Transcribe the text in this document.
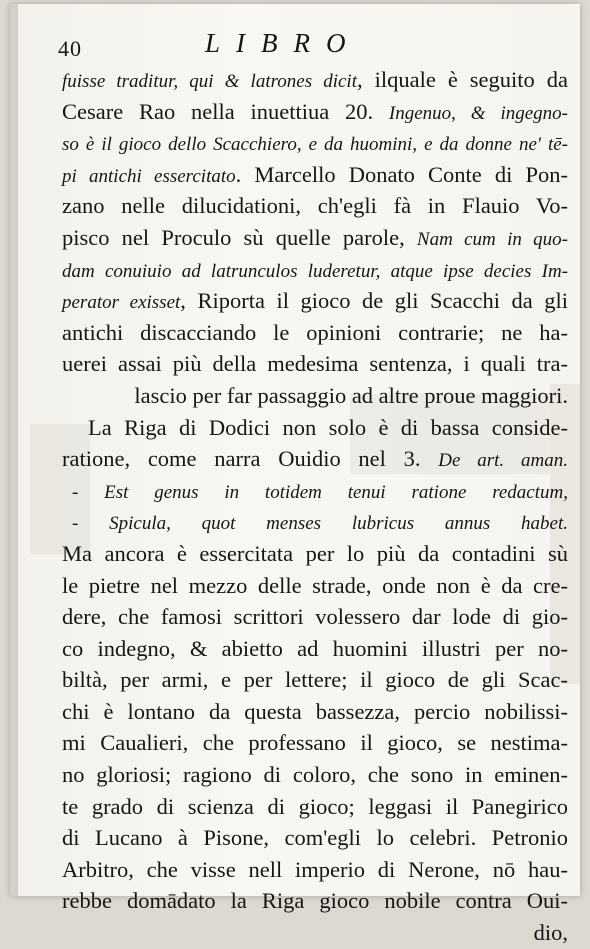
40	LIBRO
fuisse traditur, qui & latrones dicit, ilquale è seguito da
Cesare Rao nella inuettiua 20. Ingenuo, & ingegno-
so è il gioco dello Scacchiero, e da huomini, e da donne ne' tē-
pi antichi essercitato. Marcello Donato Conte di Pon-
zano nelle dilucidationi, ch'egli fà in Flauio Vo-
pisco nel Proculo sù quelle parole, Nam cum in quo-
dam conuiuio ad latrunculos luderetur, atque ipse decies Im-
perator exisset, Riporta il gioco de gli Scacchi da gli
antichi discacciando le opinioni contrarie; ne ha-
uerei assai più della medesima sentenza, i quali tra-
lascio per far passaggio ad altre proue maggiori.
La Riga di Dodici non solo è di bassa conside-
ratione, come narra Ouidio nel 3. De art. aman.
- Est genus in totidem tenui ratione redactum,
- Spicula, quot menses lubricus annus habet.
Ma ancora è essercitata per lo più da contadini sù
le pietre nel mezzo delle strade, onde non è da cre-
dere, che famosi scrittori volessero dar lode di gio-
co indegno, & abietto ad huomini illustri per no-
biltà, per armi, e per lettere; il gioco de gli Scac-
chi è lontano da questa bassezza, percio nobilissi-
mi Caualieri, che professano il gioco, se nestima-
no gloriosi; ragiono di coloro, che sono in eminen-
te grado di scienza di gioco; leggasi il Panegirico
di Lucano à Pisone, com'egli lo celebri. Petronio
Arbitro, che visse nell imperio di Nerone, nō hau-
rebbe domādato la Riga gioco nobile contra Oui-
dio,
